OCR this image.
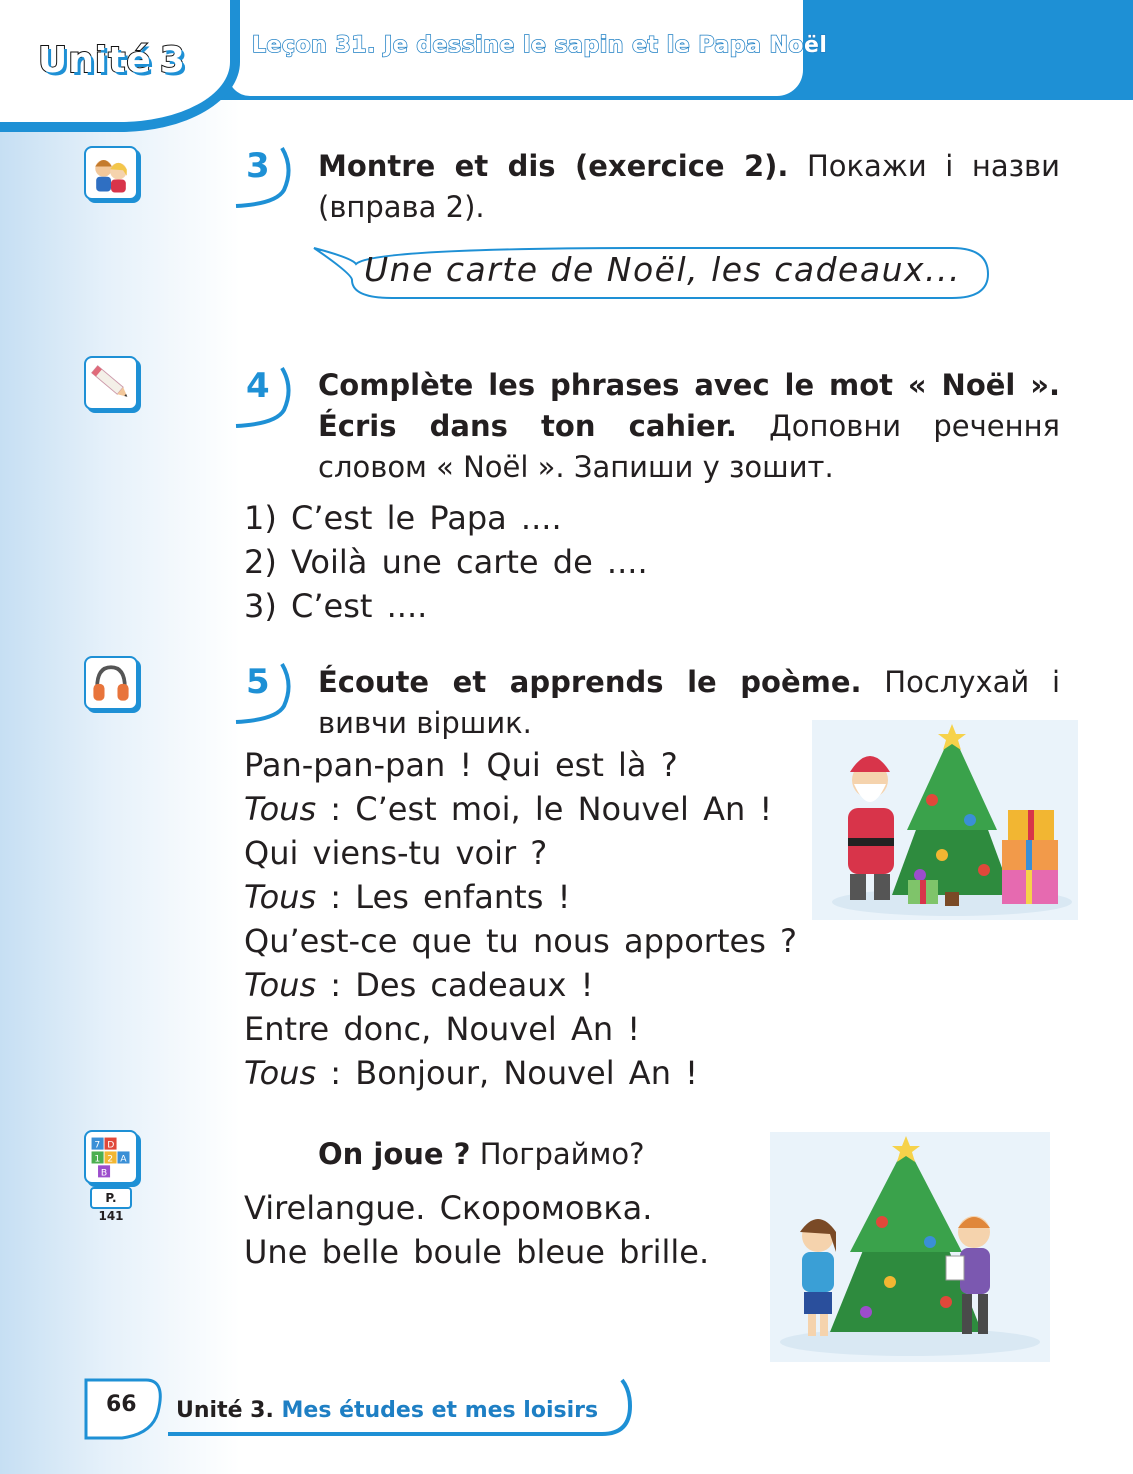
Unité 3	Leçon 31. Je dessine le sapin et le Papa Noël
7 D
1 2 A
B
P. 141
3 Montre et dis (exercice 2). Покажи і назви (вправа 2).
Une carte de Noël, les cadeaux...
4 Complète les phrases avec le mot « Noël ». Écris dans ton cahier. Доповни речення словом « Noël ». Запиши у зошит.
1) C’est le Papa ....
2) Voilà une carte de ....
3) C’est ....
5 Écoute et apprends le poème. Послухай і вивчи віршик.
Pan-pan-pan ! Qui est là ?
Tous : C’est moi, le Nouvel An !
Qui viens-tu voir ?
Tous : Les enfants !
Qu’est-ce que tu nous apportes ?
Tous : Des cadeaux !
Entre donc, Nouvel An !
Tous : Bonjour, Nouvel An !
On joue ? Пограймо?
Virelangue. Скоромовка.
Une belle boule bleue brille.
66 Unité 3. Mes études et mes loisirs
